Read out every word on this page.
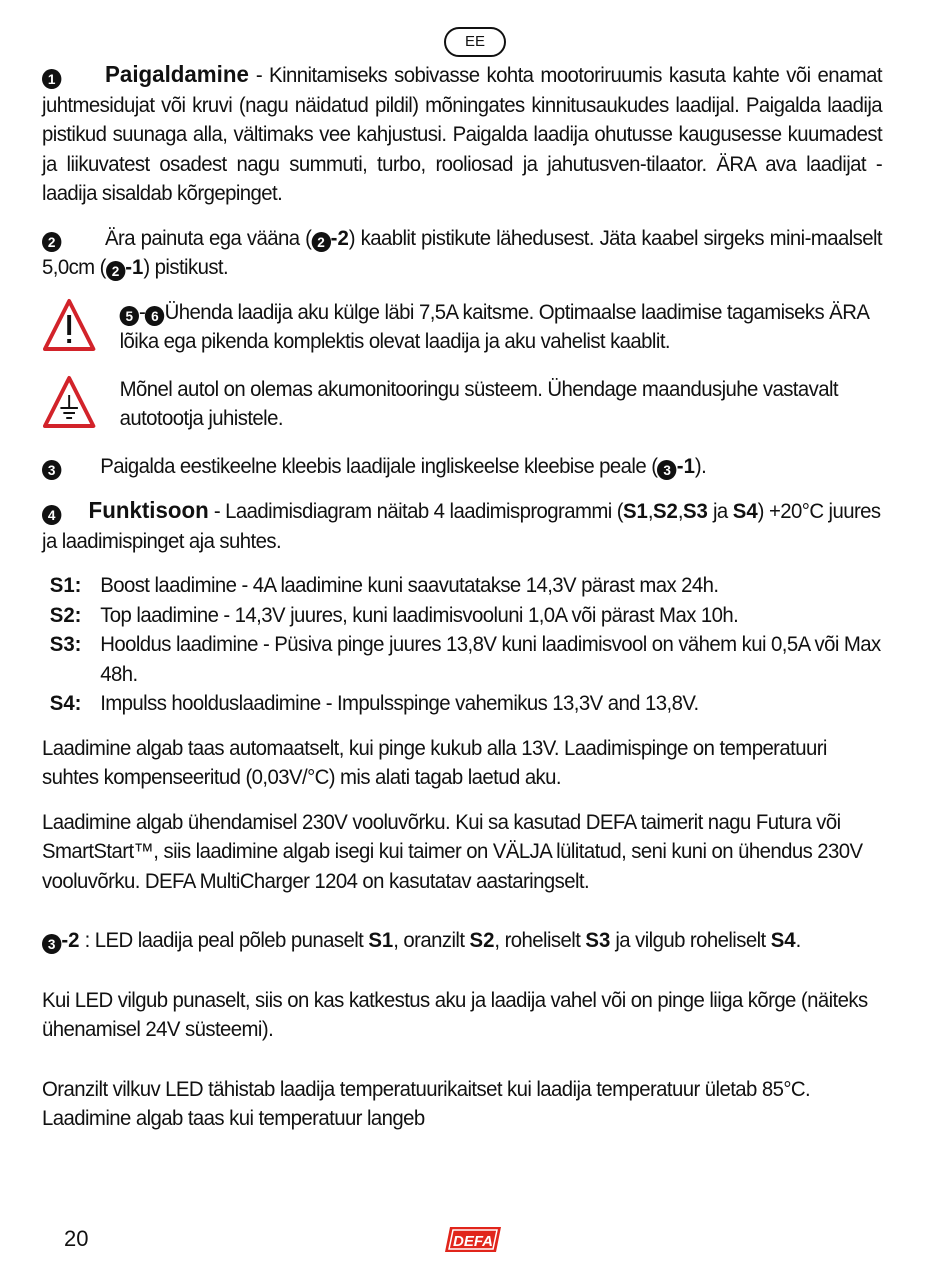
EE

1 Paigaldamine - Kinnitamiseks sobivasse kohta mootoriruumis kasuta kahte või enamat juhtmesidujat või kruvi (nagu näidatud pildil) mõningates kinnitusaukudes laadijal. Paigalda laadija pistikud suunaga alla, vältimaks vee kahjustusi. Paigalda laadija ohutusse kaugusesse kuumadest ja liikuvatest osadest nagu summuti, turbo, rooliosad ja jahutusven-tilaator. ÄRA ava laadijat - laadija sisaldab kõrgepinget.

2 Ära painuta ega vääna ( 2 -2) kaablit pistikute lähedusest. Jäta kaabel sirgeks mini-maalselt 5,0cm ( 2 -1) pistikust.

5 - 6 Ühenda laadija aku külge läbi 7,5A kaitsme. Optimaalse laadimise tagamiseks ÄRA lõika ega pikenda komplektis olevat laadija ja aku vahelist kaablit.
Mõnel autol on olemas akumonitooringu süsteem. Ühendage maandusjuhe vastavalt autotootja juhistele.

3 Paigalda eestikeelne kleebis laadijale ingliskeelse kleebise peale ( 3 -1).

4 Funktisoon - Laadimisdiagram näitab 4 laadimisprogrammi (S1,S2,S3 ja S4) +20°C juures ja laadimispinget aja suhtes.

S1: Boost laadimine - 4A laadimine kuni saavutatakse 14,3V pärast max 24h.
S2: Top laadimine - 14,3V juures, kuni laadimisvooluni 1,0A või pärast Max 10h.
S3: Hooldus laadimine - Püsiva pinge juures 13,8V kuni laadimisvool on vähem kui 0,5A või Max 48h.
S4: Impulss hoolduslaadimine - Impulsspinge vahemikus 13,3V and 13,8V.

Laadimine algab taas automaatselt, kui pinge kukub alla 13V. Laadimispinge on temperatuuri suhtes kompenseeritud (0,03V/°C) mis alati tagab laetud aku.

Laadimine algab ühendamisel 230V vooluvõrku. Kui sa kasutad DEFA taimerit nagu Futura või SmartStart™, siis laadimine algab isegi kui taimer on VÄLJA lülitatud, seni kuni on ühendus 230V vooluvõrku. DEFA MultiCharger 1204 on kasutatav aastaringselt.

3 -2 : LED laadija peal põleb punaselt S1, oranzilt S2, roheliselt S3 ja vilgub roheliselt S4.

Kui LED vilgub punaselt, siis on kas katkestus aku ja laadija vahel või on pinge liiga kõrge (näiteks ühenamisel 24V süsteemi).

Oranzilt vilkuv LED tähistab laadija temperatuurikaitset kui laadija temperatuur ületab 85°C. Laadimine algab taas kui temperatuur langeb

20	DEFA
